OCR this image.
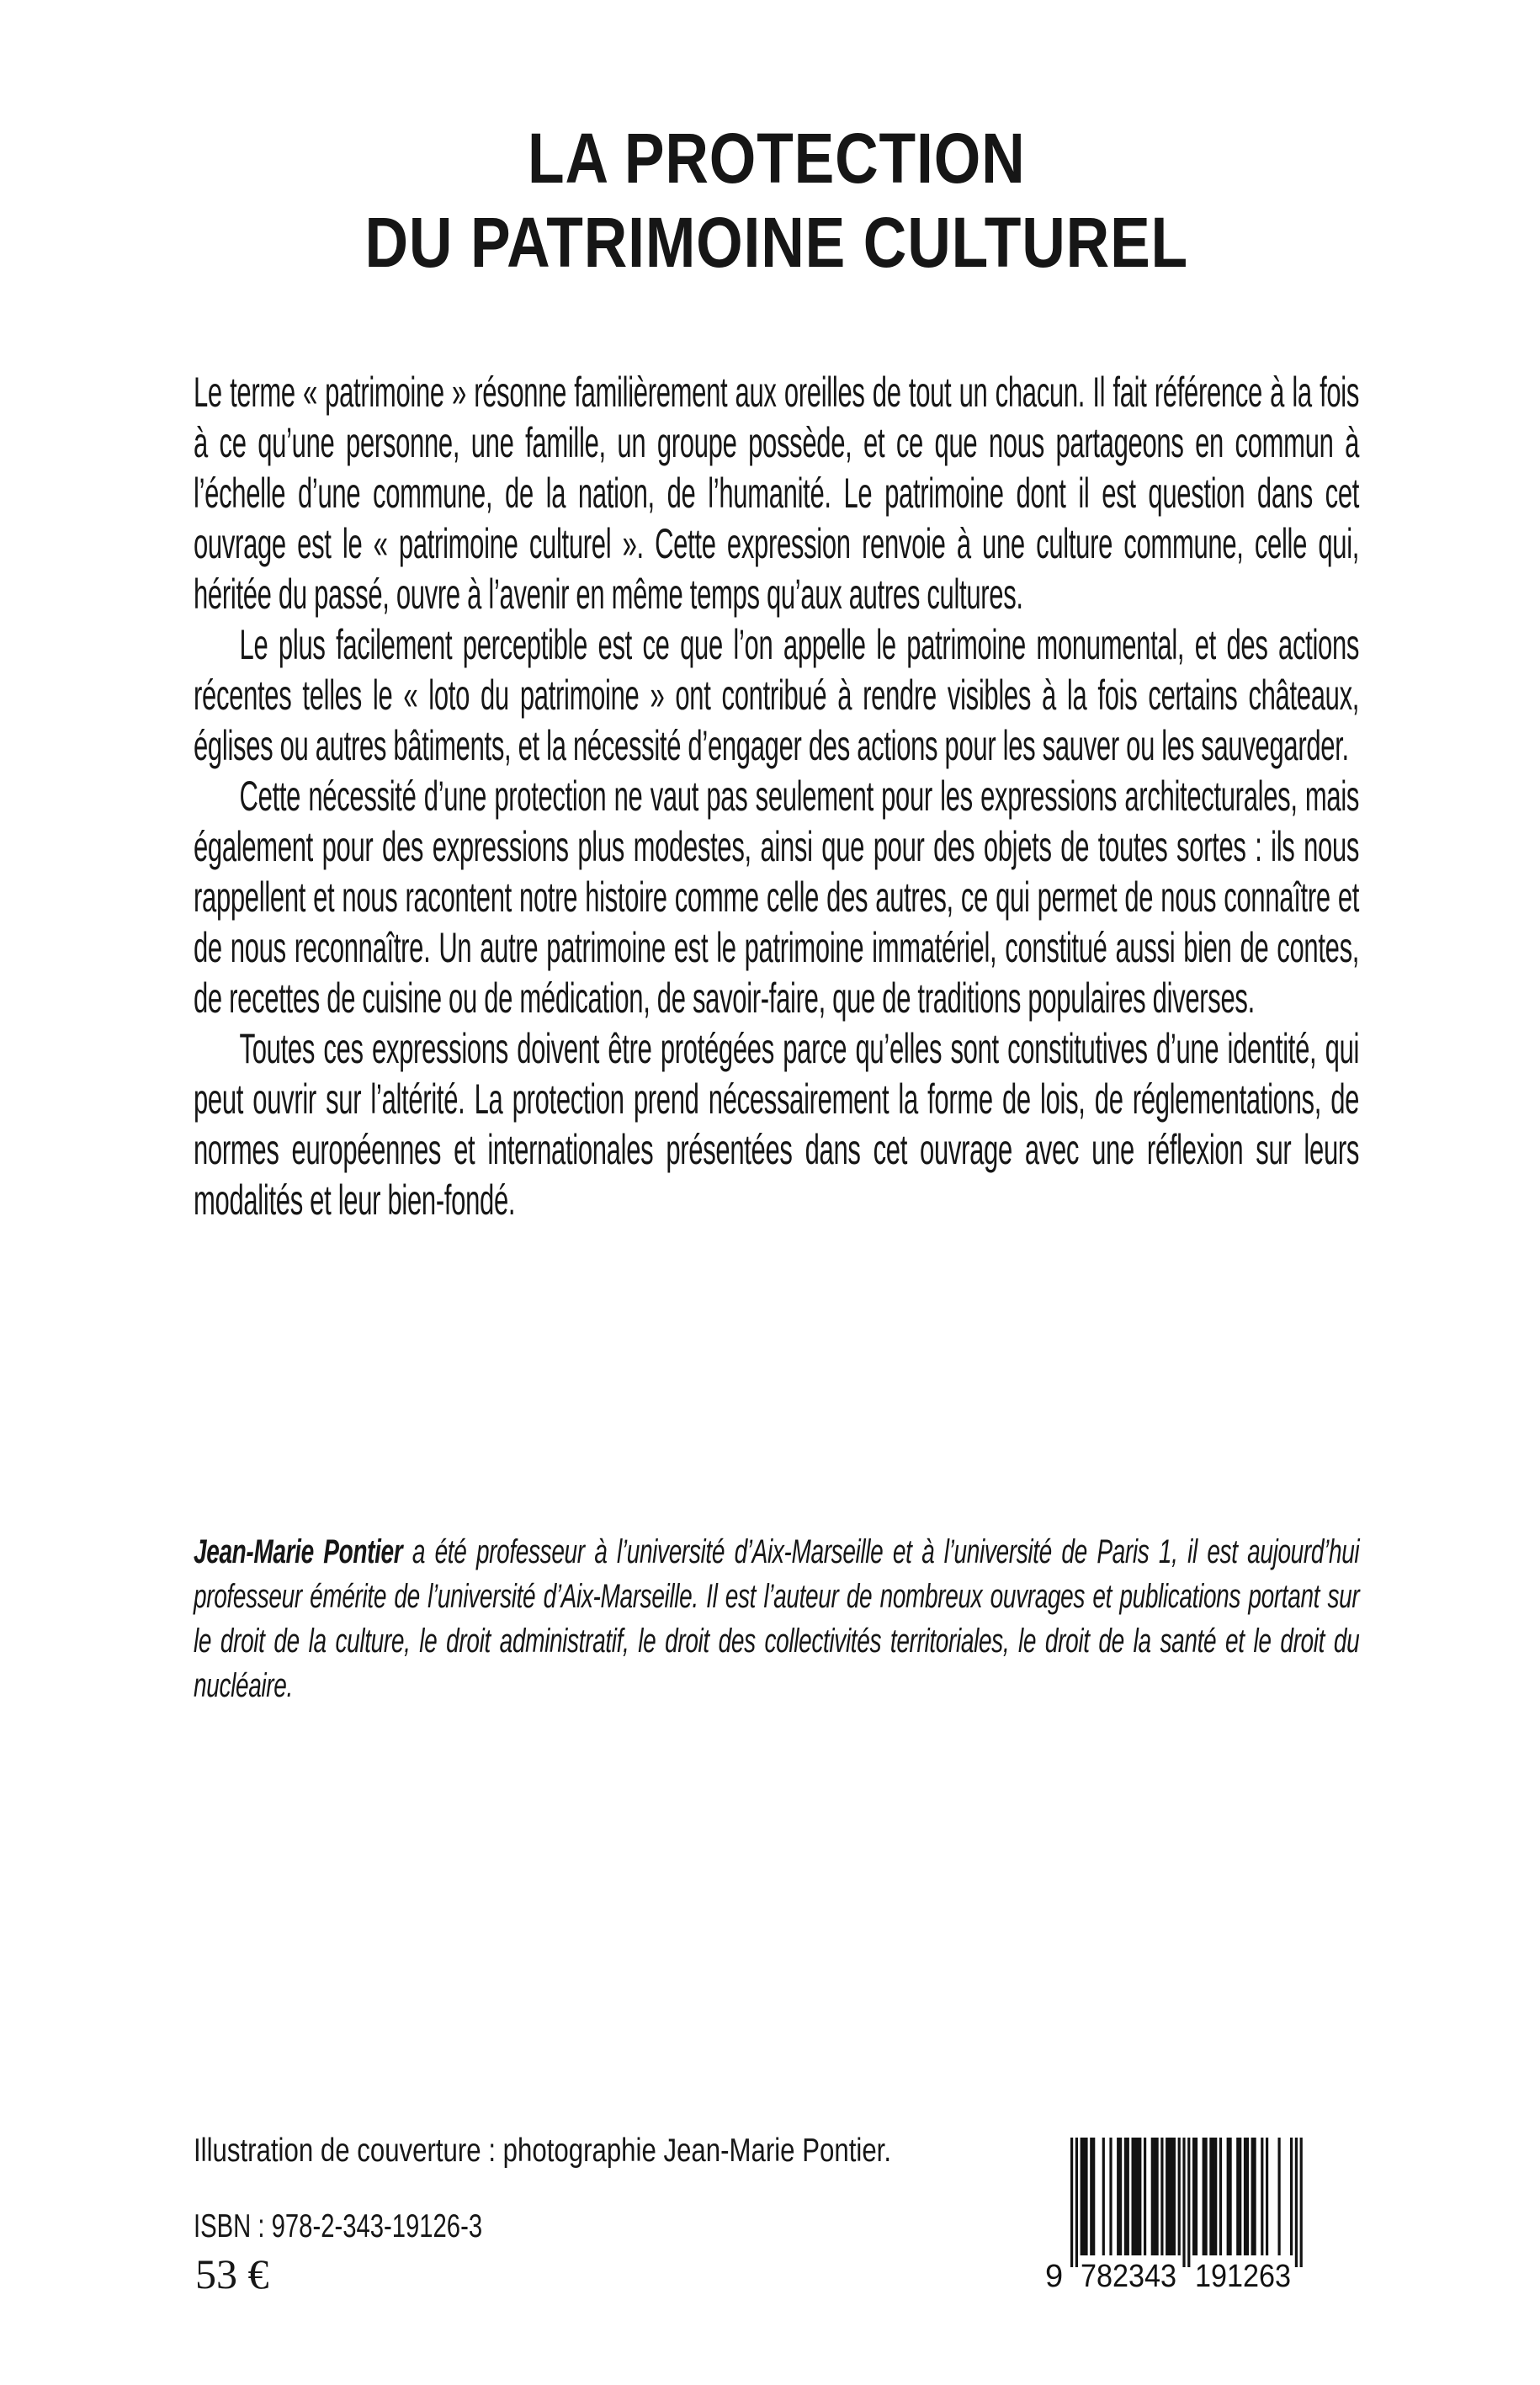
LA PROTECTION
DU PATRIMOINE CULTUREL

Le terme « patrimoine » résonne familièrement aux oreilles de tout un chacun. Il fait référence à la fois à ce qu’une personne, une famille, un groupe possède, et ce que nous partageons en commun à l’échelle d’une commune, de la nation, de l’humanité. Le patrimoine dont il est question dans cet ouvrage est le « patrimoine culturel ». Cette expression renvoie à une culture commune, celle qui, héritée du passé, ouvre à l’avenir en même temps qu’aux autres cultures.

Le plus facilement perceptible est ce que l’on appelle le patrimoine monumental, et des actions récentes telles le « loto du patrimoine » ont contribué à rendre visibles à la fois certains châteaux, églises ou autres bâtiments, et la nécessité d’engager des actions pour les sauver ou les sauvegarder.

Cette nécessité d’une protection ne vaut pas seulement pour les expressions architecturales, mais également pour des expressions plus modestes, ainsi que pour des objets de toutes sortes : ils nous rappellent et nous racontent notre histoire comme celle des autres, ce qui permet de nous connaître et de nous reconnaître. Un autre patrimoine est le patrimoine immatériel, constitué aussi bien de contes, de recettes de cuisine ou de médication, de savoir-faire, que de traditions populaires diverses.

Toutes ces expressions doivent être protégées parce qu’elles sont constitutives d’une identité, qui peut ouvrir sur l’altérité. La protection prend nécessairement la forme de lois, de réglementations, de normes européennes et internationales présentées dans cet ouvrage avec une réflexion sur leurs modalités et leur bien-fondé.

Jean-Marie Pontier a été professeur à l’université d’Aix-Marseille et à l’université de Paris 1, il est aujourd’hui professeur émérite de l’université d’Aix-Marseille. Il est l’auteur de nombreux ouvrages et publications portant sur le droit de la culture, le droit administratif, le droit des collectivités territoriales, le droit de la santé et le droit du nucléaire.

Illustration de couverture : photographie Jean-Marie Pontier.
ISBN : 978-2-343-19126-3
53 €	9 782343 191263
